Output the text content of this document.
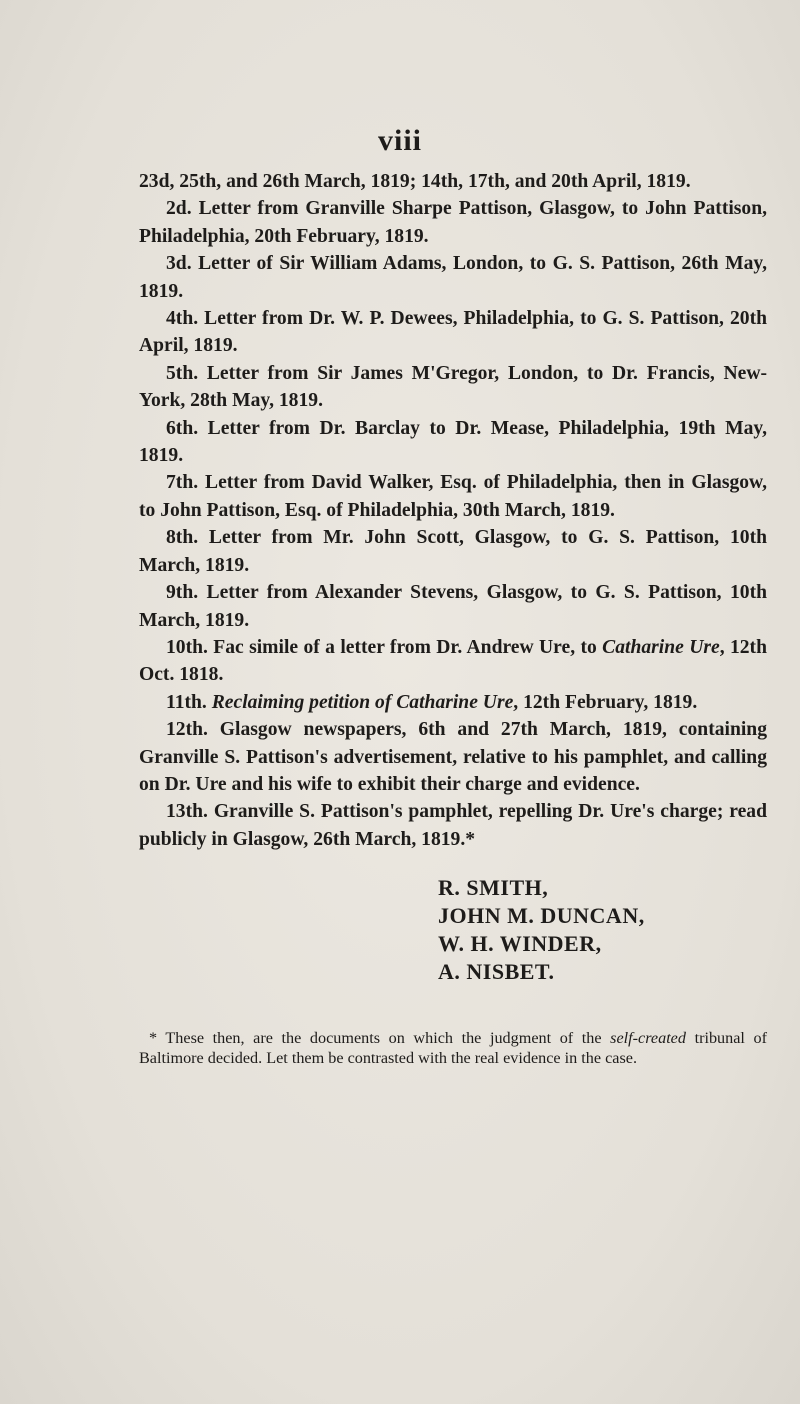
viii

23d, 25th, and 26th March, 1819; 14th, 17th, and 20th April, 1819.

2d. Letter from Granville Sharpe Pattison, Glasgow, to John Pattison, Philadelphia, 20th February, 1819.

3d. Letter of Sir William Adams, London, to G. S. Pattison, 26th May, 1819.

4th. Letter from Dr. W. P. Dewees, Philadelphia, to G. S. Pattison, 20th April, 1819.

5th. Letter from Sir James M'Gregor, London, to Dr. Francis, New-York, 28th May, 1819.

6th. Letter from Dr. Barclay to Dr. Mease, Philadelphia, 19th May, 1819.

7th. Letter from David Walker, Esq. of Philadelphia, then in Glasgow, to John Pattison, Esq. of Philadelphia, 30th March, 1819.

8th. Letter from Mr. John Scott, Glasgow, to G. S. Pattison, 10th March, 1819.

9th. Letter from Alexander Stevens, Glasgow, to G. S. Pattison, 10th March, 1819.

10th. Fac simile of a letter from Dr. Andrew Ure, to Catharine Ure, 12th Oct. 1818.

11th. Reclaiming petition of Catharine Ure, 12th February, 1819.

12th. Glasgow newspapers, 6th and 27th March, 1819, containing Granville S. Pattison's advertisement, relative to his pamphlet, and calling on Dr. Ure and his wife to exhibit their charge and evidence.

13th. Granville S. Pattison's pamphlet, repelling Dr. Ure's charge; read publicly in Glasgow, 26th March, 1819.*

R. SMITH,
JOHN M. DUNCAN,
W. H. WINDER,
A. NISBET.

* These then, are the documents on which the judgment of the self-created tribunal of Baltimore decided. Let them be contrasted with the real evidence in the case.
